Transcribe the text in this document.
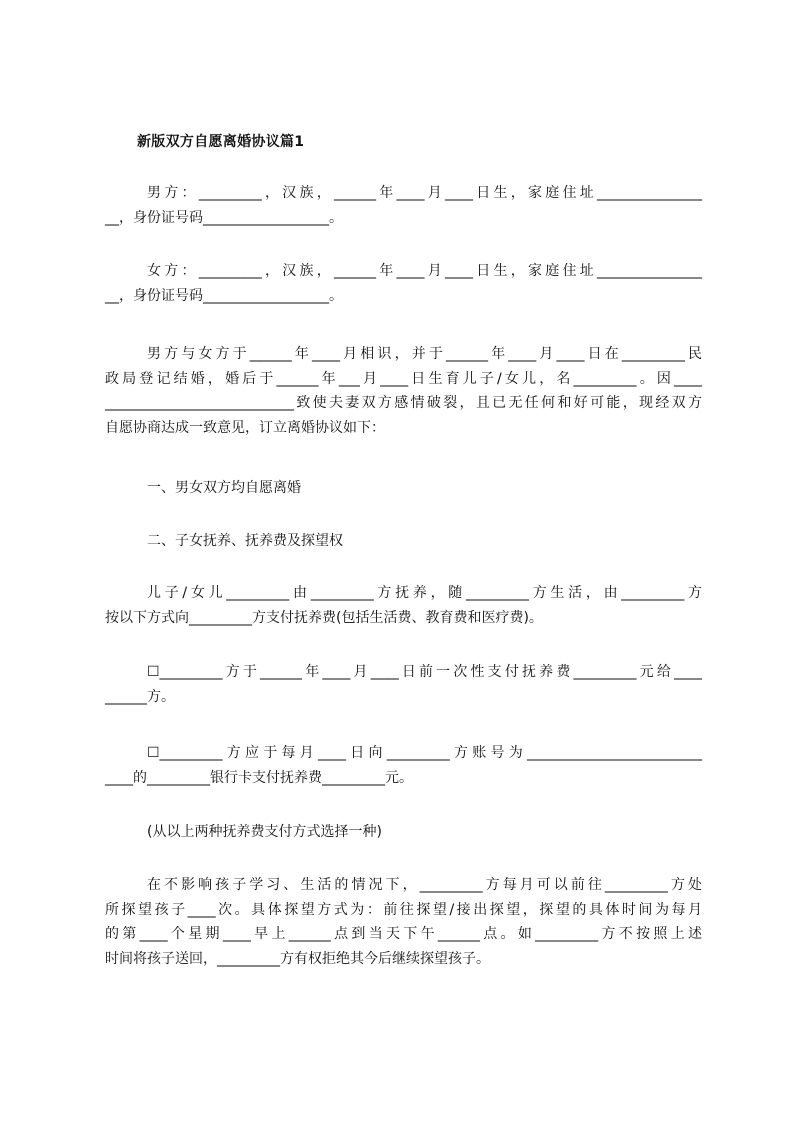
新版双方自愿离婚协议篇1
男方：_________，汉族，______年____月____日生，家庭住址_______________
__，身份证号码__________________。
女方：_________，汉族，______年____月____日生，家庭住址_______________
__，身份证号码__________________。
男方与女方于______年____月相识，并于______年____月____日在_________民
政局登记结婚，婚后于______年___月____日生育儿子/女儿，名_________。因____
___________________________致使夫妻双方感情破裂，且已无任何和好可能，现经双方
自愿协商达成一致意见，订立离婚协议如下：
一、男女双方均自愿离婚
二、子女抚养、抚养费及探望权
儿子/女儿_________由_________方抚养，随_________方生活，由_________方
按以下方式向_________方支付抚养费(包括生活费、教育费和医疗费)。
☐_________方于______年____月____日前一次性支付抚养费_________元给____
______方。
☐_________方应于每月____日向_________方账号为_________________________
____的_________银行卡支付抚养费_________元。
(从以上两种抚养费支付方式选择一种)
在不影响孩子学习、生活的情况下，_________方每月可以前往_________方处
所探望孩子____次。具体探望方式为：前往探望/接出探望，探望的具体时间为每月
的第____个星期____早上______点到当天下午______点。如_________方不按照上述
时间将孩子送回，_________方有权拒绝其今后继续探望孩子。
